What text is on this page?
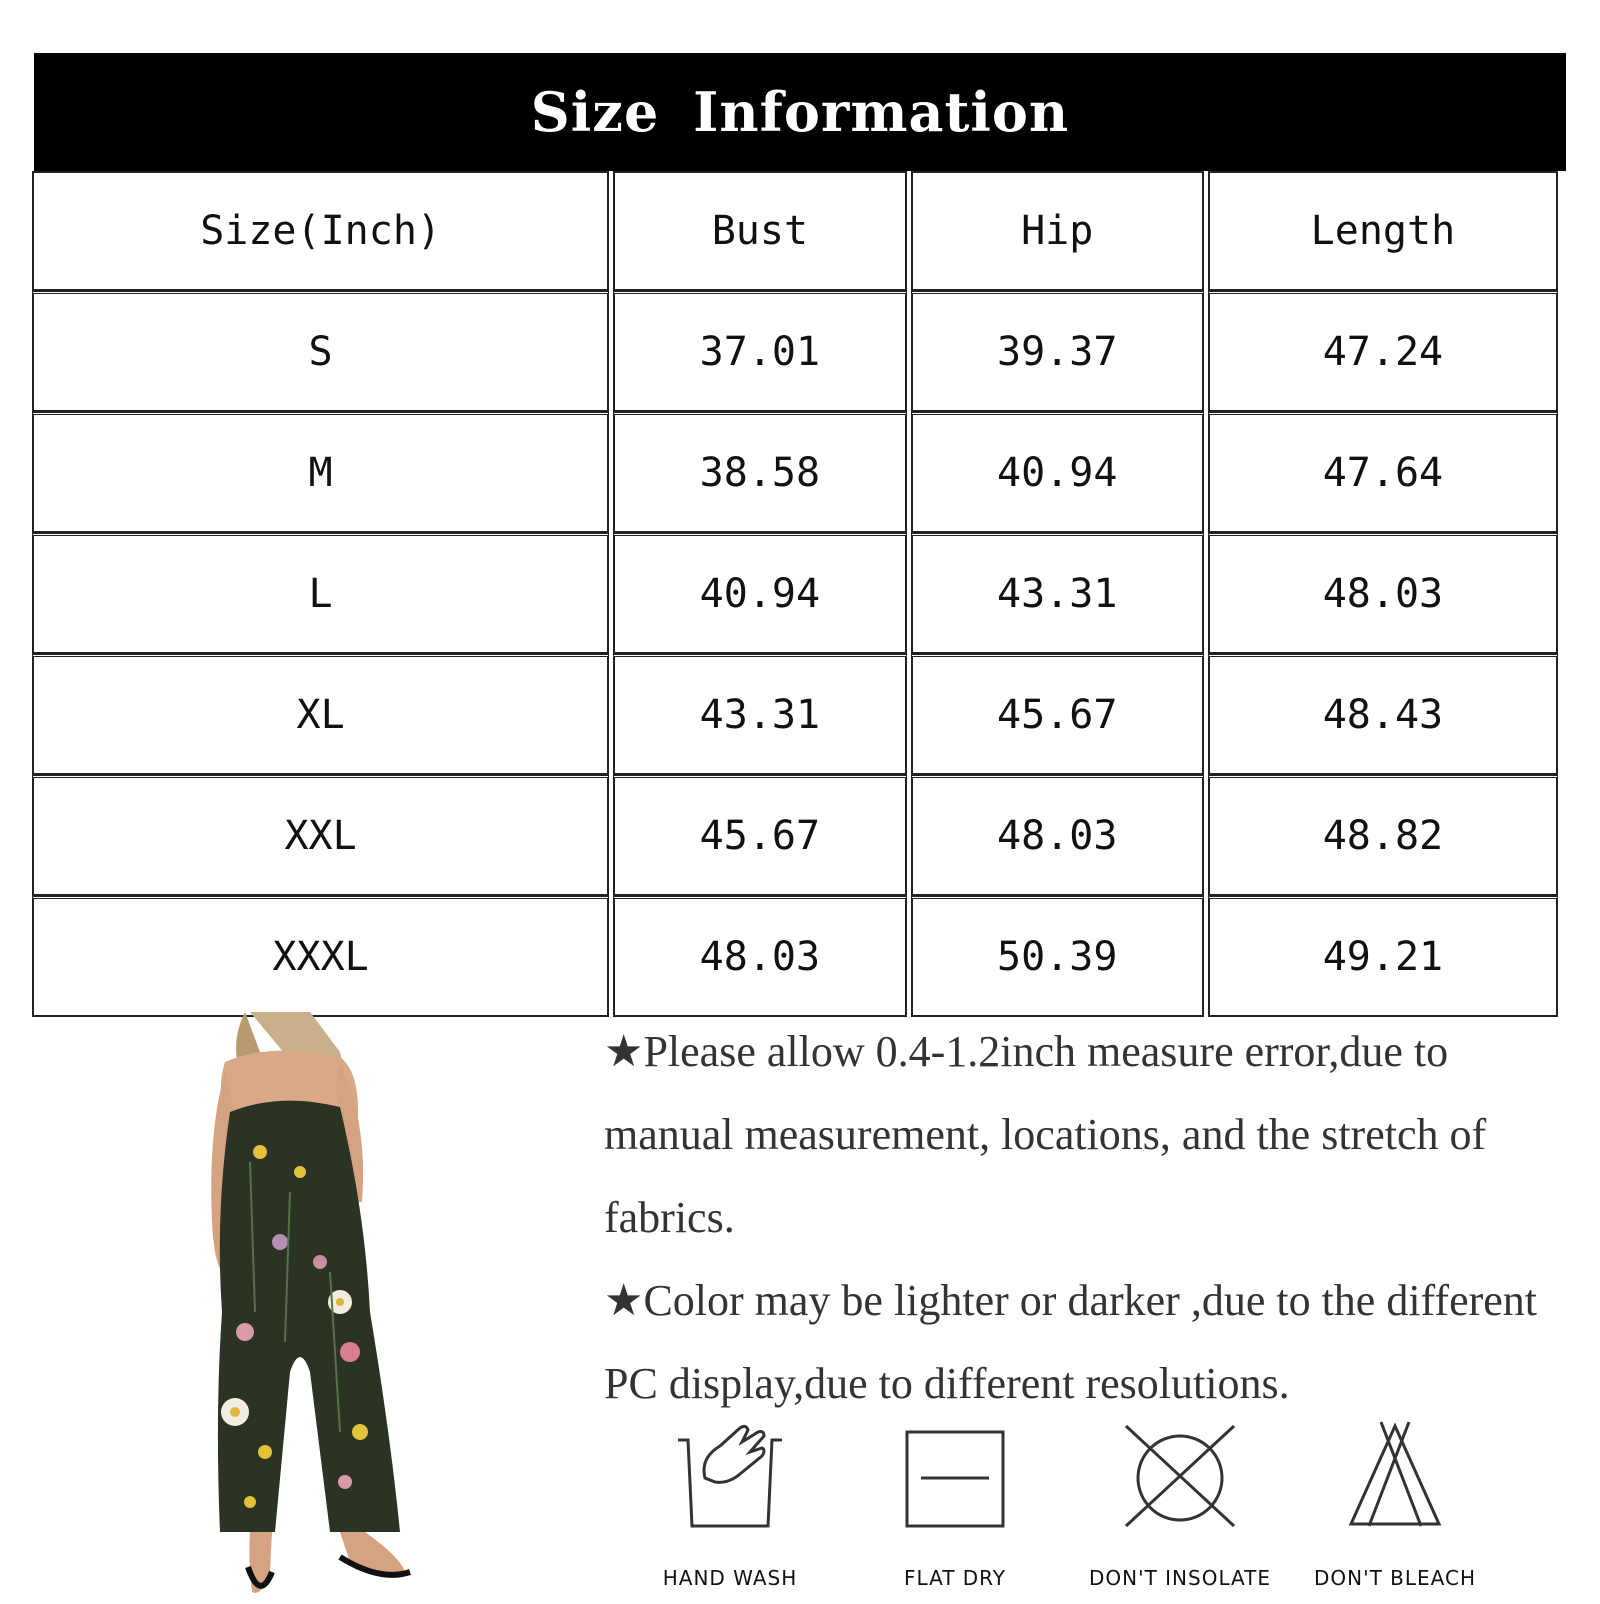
Size Information
Size(Inch)	Bust	Hip	Length
S	37.01	39.37	47.24
M	38.58	40.94	47.64
L	40.94	43.31	48.03
XL	43.31	45.67	48.43
XXL	45.67	48.03	48.82
XXXL	48.03	50.39	49.21

★Please allow 0.4-1.2inch measure error,due to manual measurement, locations, and the stretch of fabrics.

★Color may be lighter or darker ,due to the different PC display,due to different resolutions.

HAND WASH	FLAT DRY	DON'T INSOLATE	DON'T BLEACH
